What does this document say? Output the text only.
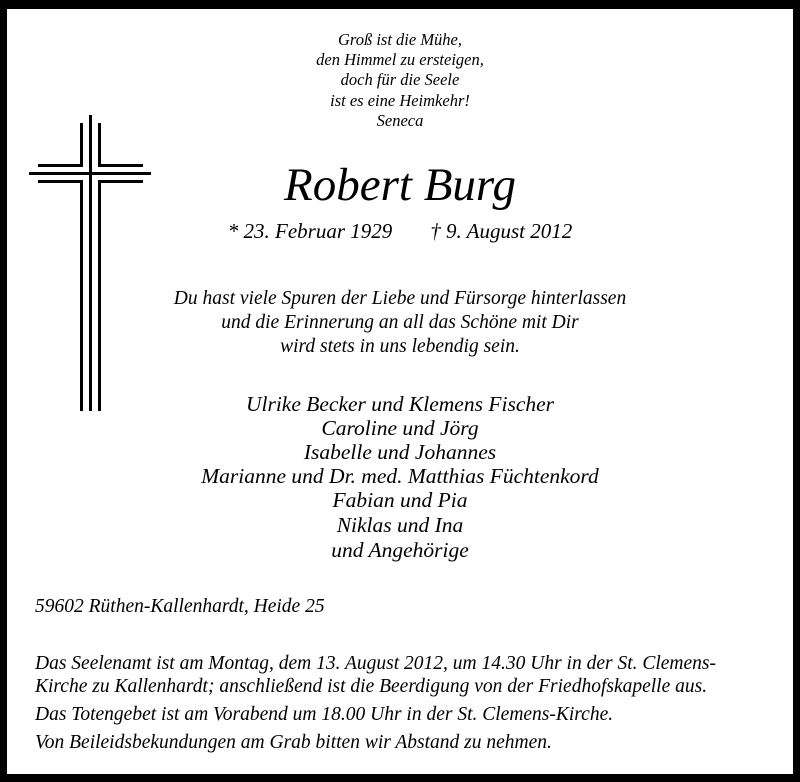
Groß ist die Mühe,
den Himmel zu ersteigen,
doch für die Seele
ist es eine Heimkehr!
Seneca
Robert Burg
* 23. Februar 1929 † 9. August 2012
Du hast viele Spuren der Liebe und Fürsorge hinterlassen
und die Erinnerung an all das Schöne mit Dir
wird stets in uns lebendig sein.
Ulrike Becker und Klemens Fischer
Caroline und Jörg
Isabelle und Johannes
Marianne und Dr. med. Matthias Füchtenkord
Fabian und Pia
Niklas und Ina
und Angehörige
59602 Rüthen-Kallenhardt, Heide 25
Das Seelenamt ist am Montag, dem 13. August 2012, um 14.30 Uhr in der St. Clemens-
Kirche zu Kallenhardt; anschließend ist die Beerdigung von der Friedhofskapelle aus.
Das Totengebet ist am Vorabend um 18.00 Uhr in der St. Clemens-Kirche.
Von Beileidsbekundungen am Grab bitten wir Abstand zu nehmen.
